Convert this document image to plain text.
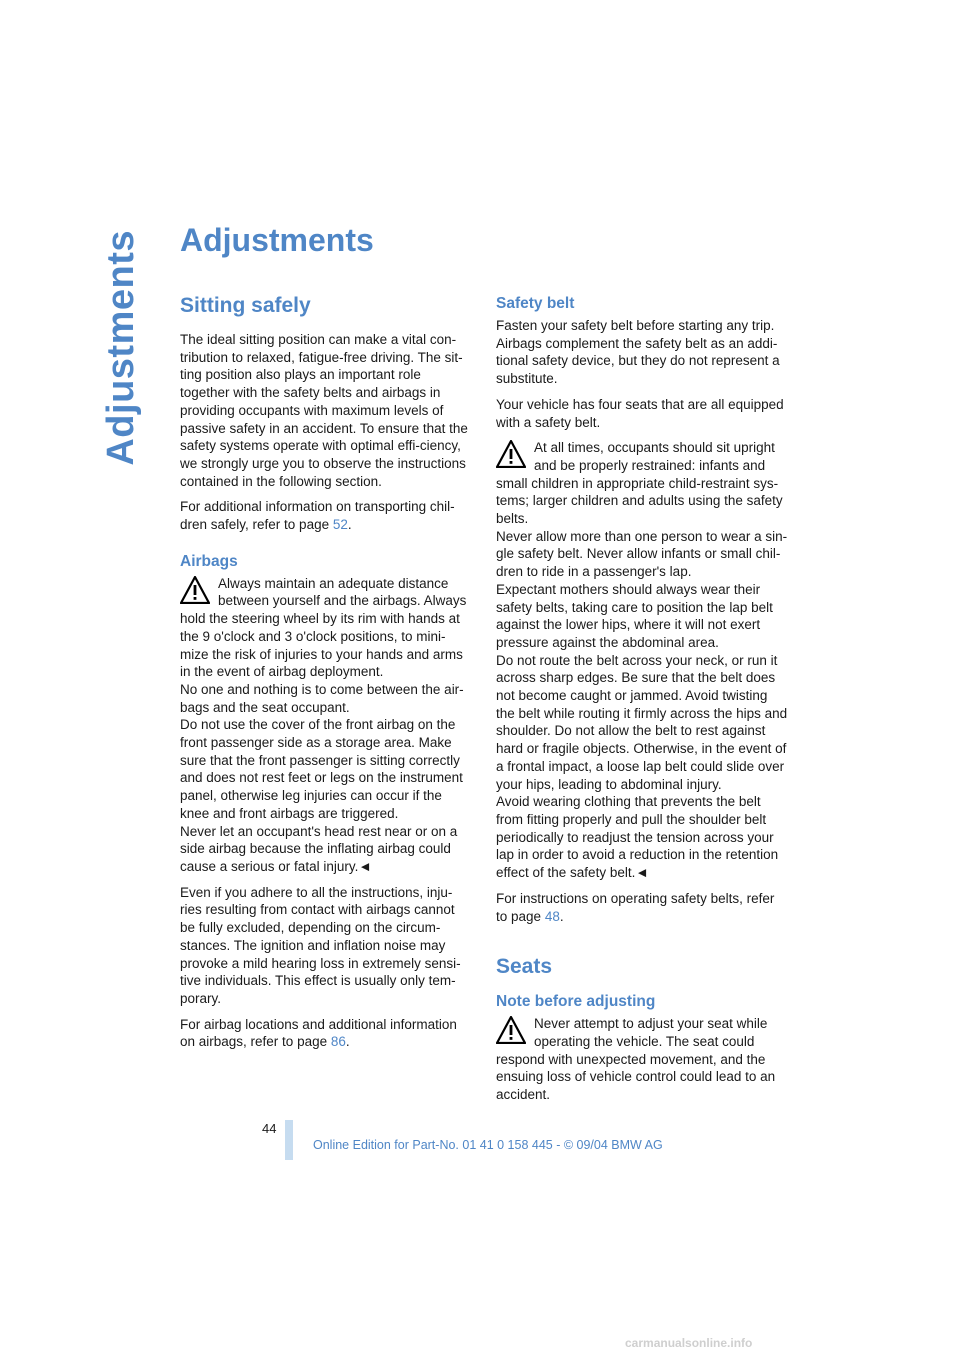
Adjustments Adjustments
Sitting safely

The ideal sitting position can make a vital con-tribution to relaxed, fatigue-free driving. The sit-ting position also plays an important role together with the safety belts and airbags in providing occupants with maximum levels of passive safety in an accident. To ensure that the safety systems operate with optimal effi-ciency, we strongly urge you to observe the instructions contained in the following section.

For additional information on transporting chil-dren safely, refer to page 52.

Airbags
Always maintain an adequate distance between yourself and the airbags. Always

hold the steering wheel by its rim with hands at the 9 o'clock and 3 o'clock positions, to mini-mize the risk of injuries to your hands and arms in the event of airbag deployment.

No one and nothing is to come between the air-bags and the seat occupant.

Do not use the cover of the front airbag on the front passenger side as a storage area. Make sure that the front passenger is sitting correctly and does not rest feet or legs on the instrument panel, otherwise leg injuries can occur if the knee and front airbags are triggered.

Never let an occupant's head rest near or on a side airbag because the inflating airbag could cause a serious or fatal injury.◄

Even if you adhere to all the instructions, inju-ries resulting from contact with airbags cannot be fully excluded, depending on the circum-stances. The ignition and inflation noise may provoke a mild hearing loss in extremely sensi-tive individuals. This effect is usually only tem-porary.

For airbag locations and additional information on airbags, refer to page 86.

Safety belt

Fasten your safety belt before starting any trip. Airbags complement the safety belt as an addi-tional safety device, but they do not represent a substitute.

Your vehicle has four seats that are all equipped with a safety belt.

At all times, occupants should sit upright and be properly restrained: infants and

small children in appropriate child-restraint sys-tems; larger children and adults using the safety belts.

Never allow more than one person to wear a sin-gle safety belt. Never allow infants or small chil-dren to ride in a passenger's lap.

Expectant mothers should always wear their safety belts, taking care to position the lap belt against the lower hips, where it will not exert pressure against the abdominal area.

Do not route the belt across your neck, or run it across sharp edges. Be sure that the belt does not become caught or jammed. Avoid twisting the belt while routing it firmly across the hips and shoulder. Do not allow the belt to rest against hard or fragile objects. Otherwise, in the event of a frontal impact, a loose lap belt could slide over your hips, leading to abdominal injury.

Avoid wearing clothing that prevents the belt from fitting properly and pull the shoulder belt periodically to readjust the tension across your lap in order to avoid a reduction in the retention effect of the safety belt.◄

For instructions on operating safety belts, refer to page 48.

Seats
Note before adjusting
Never attempt to adjust your seat while operating the vehicle. The seat could

respond with unexpected movement, and the ensuing loss of vehicle control could lead to an accident.

44
Online Edition for Part-No. 01 41 0 158 445 - © 09/04 BMW AG
carmanualsonline.info
